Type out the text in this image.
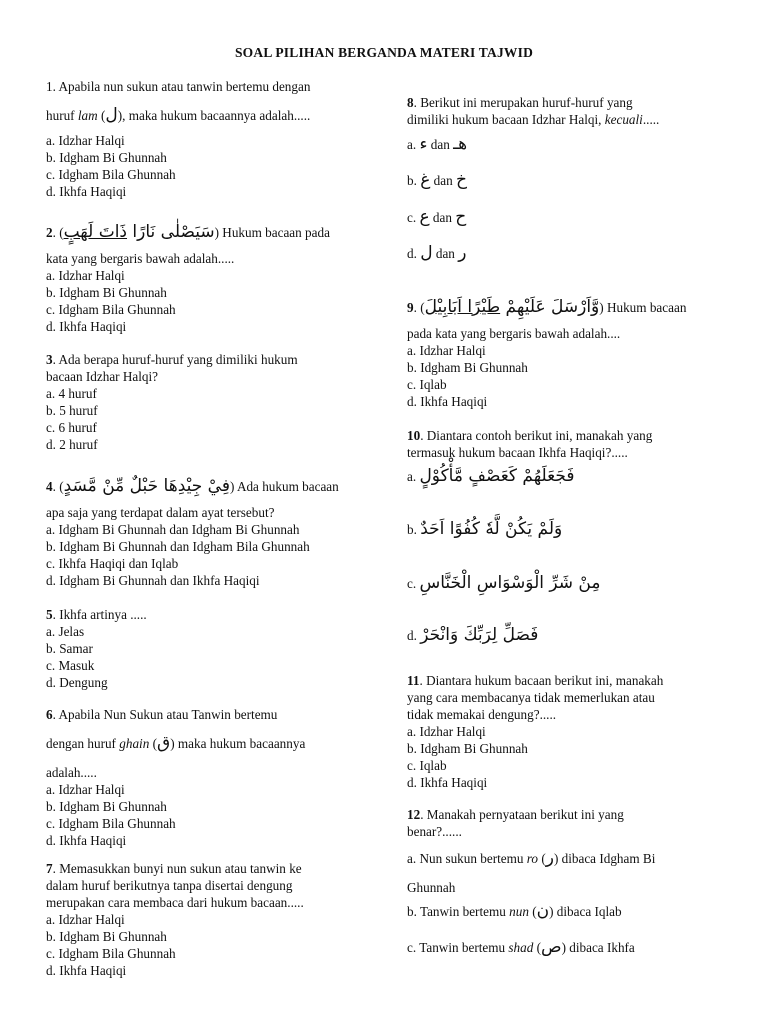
SOAL PILIHAN BERGANDA MATERI TAJWID
1. Apabila nun sukun atau tanwin bertemu dengan
huruf lam (ل), maka hukum bacaannya adalah.....
a. Idzhar Halqi
b. Idgham Bi Ghunnah
c. Idgham Bila Ghunnah
d. Ikhfa Haqiqi
2. (	سَيَصْلٰى نَارًا ذَاتَ لَهَبٍ	) Hukum bacaan pada
kata yang bergaris bawah adalah.....
a. Idzhar Halqi
b. Idgham Bi Ghunnah
c. Idgham Bila Ghunnah
d. Ikhfa Haqiqi
3. Ada berapa huruf-huruf yang dimiliki hukum
bacaan Idzhar Halqi?
a. 4 huruf
b. 5 huruf
c. 6 huruf
d. 2 huruf
4. (فِيْ جِيْدِهَا حَبْلٌ مِّنْ مَّسَدٍ) Ada hukum bacaan
apa saja yang terdapat dalam ayat tersebut?
a. Idgham Bi Ghunnah dan Idgham Bi Ghunnah
b. Idgham Bi Ghunnah dan Idgham Bila Ghunnah
c. Ikhfa Haqiqi dan Iqlab
d. Idgham Bi Ghunnah dan Ikhfa Haqiqi
5. Ikhfa artinya .....
a. Jelas
b. Samar
c. Masuk
d. Dengung
6. Apabila Nun Sukun atau Tanwin bertemu
dengan huruf ghain (ق) maka hukum bacaannya
adalah.....
a. Idzhar Halqi
b. Idgham Bi Ghunnah
c. Idgham Bila Ghunnah
d. Ikhfa Haqiqi
7. Memasukkan bunyi nun sukun atau tanwin ke
dalam huruf berikutnya tanpa disertai dengung
merupakan cara membaca dari hukum bacaan.....
a. Idzhar Halqi
b. Idgham Bi Ghunnah
c. Idgham Bila Ghunnah
d. Ikhfa Haqiqi
8. Berikut ini merupakan huruf-huruf yang
dimiliki hukum bacaan Idzhar Halqi, kecuali.....
a. ء dan هـ
b. غ dan خ
c. ع dan ح
d. ل dan ر
9. (	وَّاَرْسَلَ عَلَيْهِمْ طَيْرًا اَبَابِيْلَ	) Hukum bacaan
pada kata yang bergaris bawah adalah....
a. Idzhar Halqi
b. Idgham Bi Ghunnah
c. Iqlab
d. Ikhfa Haqiqi
10. Diantara contoh berikut ini, manakah yang
termasuk hukum bacaan Ikhfa Haqiqi?.....
a. فَجَعَلَهُمْ كَعَصْفٍ مَّأْكُوْلٍ
b. وَلَمْ يَكُنْ لَّهٗ كُفُوًا اَحَدٌ
c. مِنْ شَرِّ الْوَسْوَاسِ الْخَنَّاسِ
d. فَصَلِّ لِرَبِّكَ وَانْحَرْ
11. Diantara hukum bacaan berikut ini, manakah
yang cara membacanya tidak memerlukan atau
tidak memakai dengung?.....
a. Idzhar Halqi
b. Idgham Bi Ghunnah
c. Iqlab
d. Ikhfa Haqiqi
12. Manakah pernyataan berikut ini yang
benar?......
a. Nun sukun bertemu ro (ر) dibaca Idgham Bi
Ghunnah
b. Tanwin bertemu nun (ن) dibaca Iqlab
c. Tanwin bertemu shad (ص) dibaca Ikhfa
